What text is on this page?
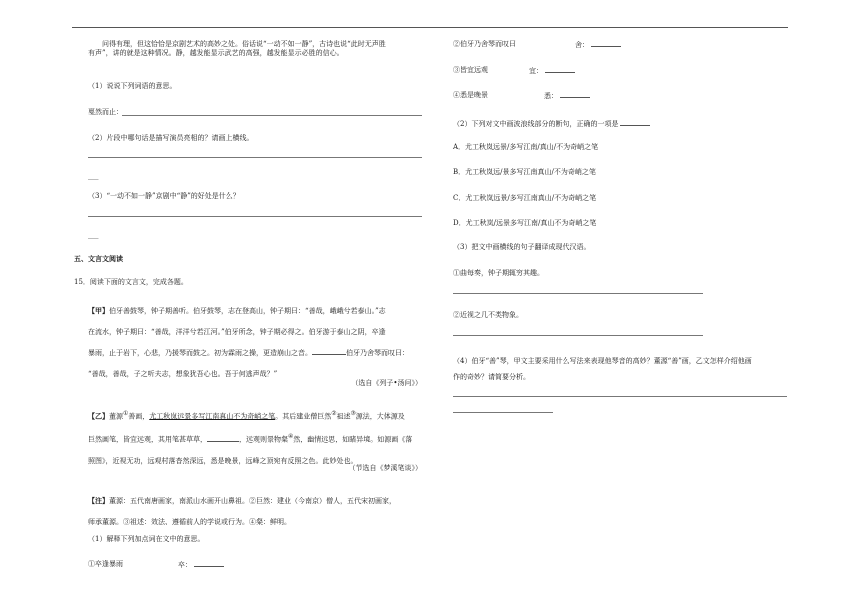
问得有理，但这恰恰是京剧艺术的高妙之处。俗话说“一动不如一静”，古诗也说“此时无声胜
有声”，讲的就是这种情况。静，越发能显示武艺的高强，越发能显示必胜的信心。
（1）说说下列词语的意思。
戛然而止：
（2）片段中哪句话是描写演员亮相的？请画上横线。
___
（3）“一动不如一静”京剧中“静”的好处是什么？
___
五、文言文阅读
15．阅读下面的文言文，完成各题。
【甲】伯牙善鼓琴，钟子期善听。伯牙鼓琴，志在登高山，钟子期曰：“善哉，峨峨兮若泰山。”志
在流水，钟子期曰：“善哉，洋洋兮若江河。”伯牙所念，钟子期必得之。伯牙游于泰山之阴，卒逢
暴雨，止于岩下，心悲，乃援琴而鼓之。初为霖雨之操，更造崩山之音。	伯牙乃舍琴而叹曰：
“善哉，善哉，子之听夫志，想象犹吾心也。吾于何逃声哉？”
（选自《列子•汤问》）
【乙】董源①善画，尤工秋岚远景多写江南真山不为奇峭之笔。其后建业僧巨然②祖述③源法，大体源及
巨然画笔，皆宜远观，其用笔甚草草，	，远观则景物粲④然，幽情远思，如睹异境。如源画《落
照图》，近视无功，远观村落杳然深远，悉是晚景，远峰之顶宛有反照之色。此妙处也。
（节选自《梦溪笔谈》）
【注】董源：五代南唐画家，南派山水画开山鼻祖。②巨然：建业（今南京）僧人，五代宋初画家，
师承董源。③祖述：效法、遵循前人的学说或行为。④粲：鲜明。
（1）解释下列加点词在文中的意思。
①卒逢暴雨	卒：
②伯牙乃舍琴而叹曰	舍：
③皆宜远观	宜：
④悉是晚景	悉：
（2）下列对文中画波浪线部分的断句，正确的一项是
A．尤工秋岚远景/多写江南/真山/不为奇峭之笔
B．尤工秋岚远/景多写江南真山/不为奇峭之笔
C．尤工秋岚远景/多写江南真山/不为奇峭之笔
D．尤工秋岚/远景多写江南/真山不为奇峭之笔
（3）把文中画横线的句子翻译成现代汉语。
①曲每奏，钟子期辄穷其趣。
②近视之几不类物象。
（4）伯牙“善”琴，甲文主要采用什么写法来表现他琴音的高妙？董源“善”画，乙文怎样介绍他画
作的奇妙？请简要分析。
